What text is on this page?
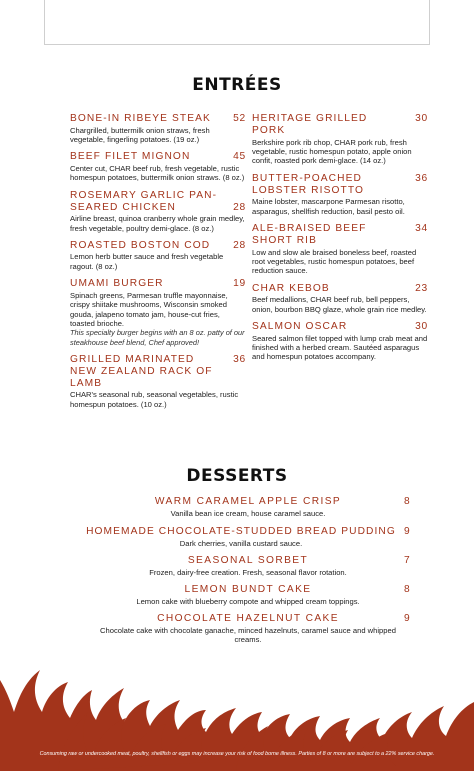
ENTRÉES
BONE-IN RIBEYE STEAK	52
Chargrilled, buttermilk onion straws, fresh vegetable, fingerling potatoes. (19 oz.)
BEEF FILET MIGNON	45
Center cut, CHAR beef rub, fresh vegetable, rustic homespun potatoes, buttermilk onion straws. (8 oz.)
ROSEMARY GARLIC PAN-SEARED CHICKEN	28
Airline breast, quinoa cranberry whole grain medley, fresh vegetable, poultry demi-glace. (8 oz.)
ROASTED BOSTON COD	28
Lemon herb butter sauce and fresh vegetable ragout. (8 oz.)
UMAMI BURGER	19
Spinach greens, Parmesan truffle mayonnaise, crispy shiitake mushrooms, Wisconsin smoked gouda, jalapeno tomato jam, house-cut fries, toasted brioche.
This specialty burger begins with an 8 oz. patty of our steakhouse beef blend, Chef approved!
GRILLED MARINATED NEW ZEALAND RACK OF LAMB
36
CHAR's seasonal rub, seasonal vegetables, rustic homespun potatoes. (10 oz.)
HERITAGE GRILLED PORK
30
Berkshire pork rib chop, CHAR pork rub, fresh vegetable, rustic homespun potato, apple onion confit, roasted pork demi-glace. (14 oz.)
BUTTER-POACHED LOBSTER RISOTTO
36
Maine lobster, mascarpone Parmesan risotto, asparagus, shellfish reduction, basil pesto oil.
ALE-BRAISED BEEF SHORT RIB
34
Low and slow ale braised boneless beef, roasted root vegetables, rustic homespun potatoes, beef reduction sauce.
CHAR KEBOB	23
Beef medallions, CHAR beef rub, bell peppers, onion, bourbon BBQ glaze, whole grain rice medley.
SALMON OSCAR	30
Seared salmon filet topped with lump crab meat and finished with a herbed cream. Sautéed asparagus and homespun potatoes accompany.
DESSERTS
WARM CARAMEL APPLE CRISP
Vanilla bean ice cream, house caramel sauce.
8
HOMEMADE CHOCOLATE-STUDDED BREAD PUDDING
Dark cherries, vanilla custard sauce.
9
SEASONAL SORBET
Frozen, dairy-free creation. Fresh, seasonal flavor rotation.
7
LEMON BUNDT CAKE
Lemon cake with blueberry compote and whipped cream toppings.
8
CHOCOLATE HAZELNUT CAKE
Chocolate cake with chocolate ganache, minced hazelnuts, caramel sauce and whipped creams.
9
Consuming raw or undercooked meat, poultry, shellfish or eggs may increase your risk of food borne illness. Parties of 8 or more are subject to a 22% service charge.
